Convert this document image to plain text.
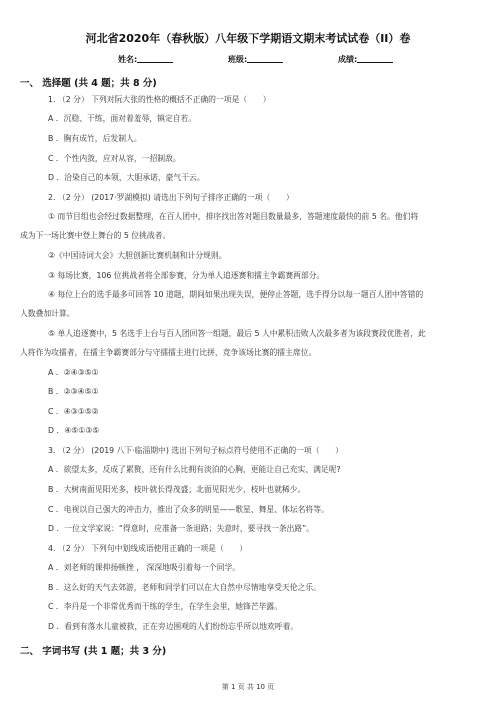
河北省2020年（春秋版）八年级下学期语文期末考试试卷（II）卷
姓名:	班级:	成绩:
一、 选择题 (共 4 题；共 8 分)
1. （2 分） 下列对阮大张的性格的概括不正确的一项是（　　）
A ．沉稳、干练，面对着羞辱，镇定自若。
B ．胸有成竹，后发制人。
C ．个性内敛，应对从容，一招制敌。
D ．洽染自己的本领，大胆承诺，豪气干云。
2. （2 分） (2017·罗湖模拟) 请选出下列句子排序正确的一项（　　）
① 而节目组也会经过数据整理，在百人团中，排序找出答对题目数量最多，答题速度最快的前 5 名。他们将
成为下一场比赛中登上舞台的 5 位挑战者。
②《中国诗词大会》大胆创新比赛机制和计分规则。
③ 每场比赛，106 位挑战者将全部参赛，分为单人追逐赛和擂主争霸赛两部分。
④ 每位上台的选手最多可回答 10 道题，期间如果出现失误，便停止答题，选手得分以每一题百人团中答错的
人数叠加计算。
⑤ 单人追逐赛中，5 名选手上台与百人团回答一组题，最后 5 人中累积击败人次最多者为该段赛段优胜者，此
人将作为攻擂者，在擂主争霸赛部分与守擂擂主进行比拼，竞争该场比赛的擂主席位。
A ．②④③⑤①
B ．②③④⑤①
C ．④③①⑤②
D ．④⑤①③⑤
3. （2 分） (2019 八下·临淄期中) 选出下列句子标点符号使用不正确的一项（　　）
A ．欲望太多，反成了累赘，还有什么比拥有淡泊的心胸，更能让自己充实、满足呢?
B ．大树南面见阳光多，枝叶就长得茂盛；北面见阳光少，枝叶也就稀少。
C ．电视以自己强大的冲击力，推出了众多的明星——歌星、舞星、体坛名将等。
D ．一位文学家说：“得意时，应准备一条退路；失意时，要寻找一条出路”。
4. （2 分） 下列句中划线成语使用正确的一项是（　　）
A ．刘老师的课抑扬顿挫 ， 深深地吸引着每一个同学。
B ．这么好的天气去郊游，老师和同学们可以在大自然中尽情地享受天伦之乐。
C ．李丹是一个非常优秀而干练的学生，在学生会里，她锋芒毕露。
D ．看到有落水儿童被救，正在旁边围观的人们纷纷忘乎所以地欢呼着。
二、 字词书写 (共 1 题；共 3 分)
第 1 页 共 10 页
